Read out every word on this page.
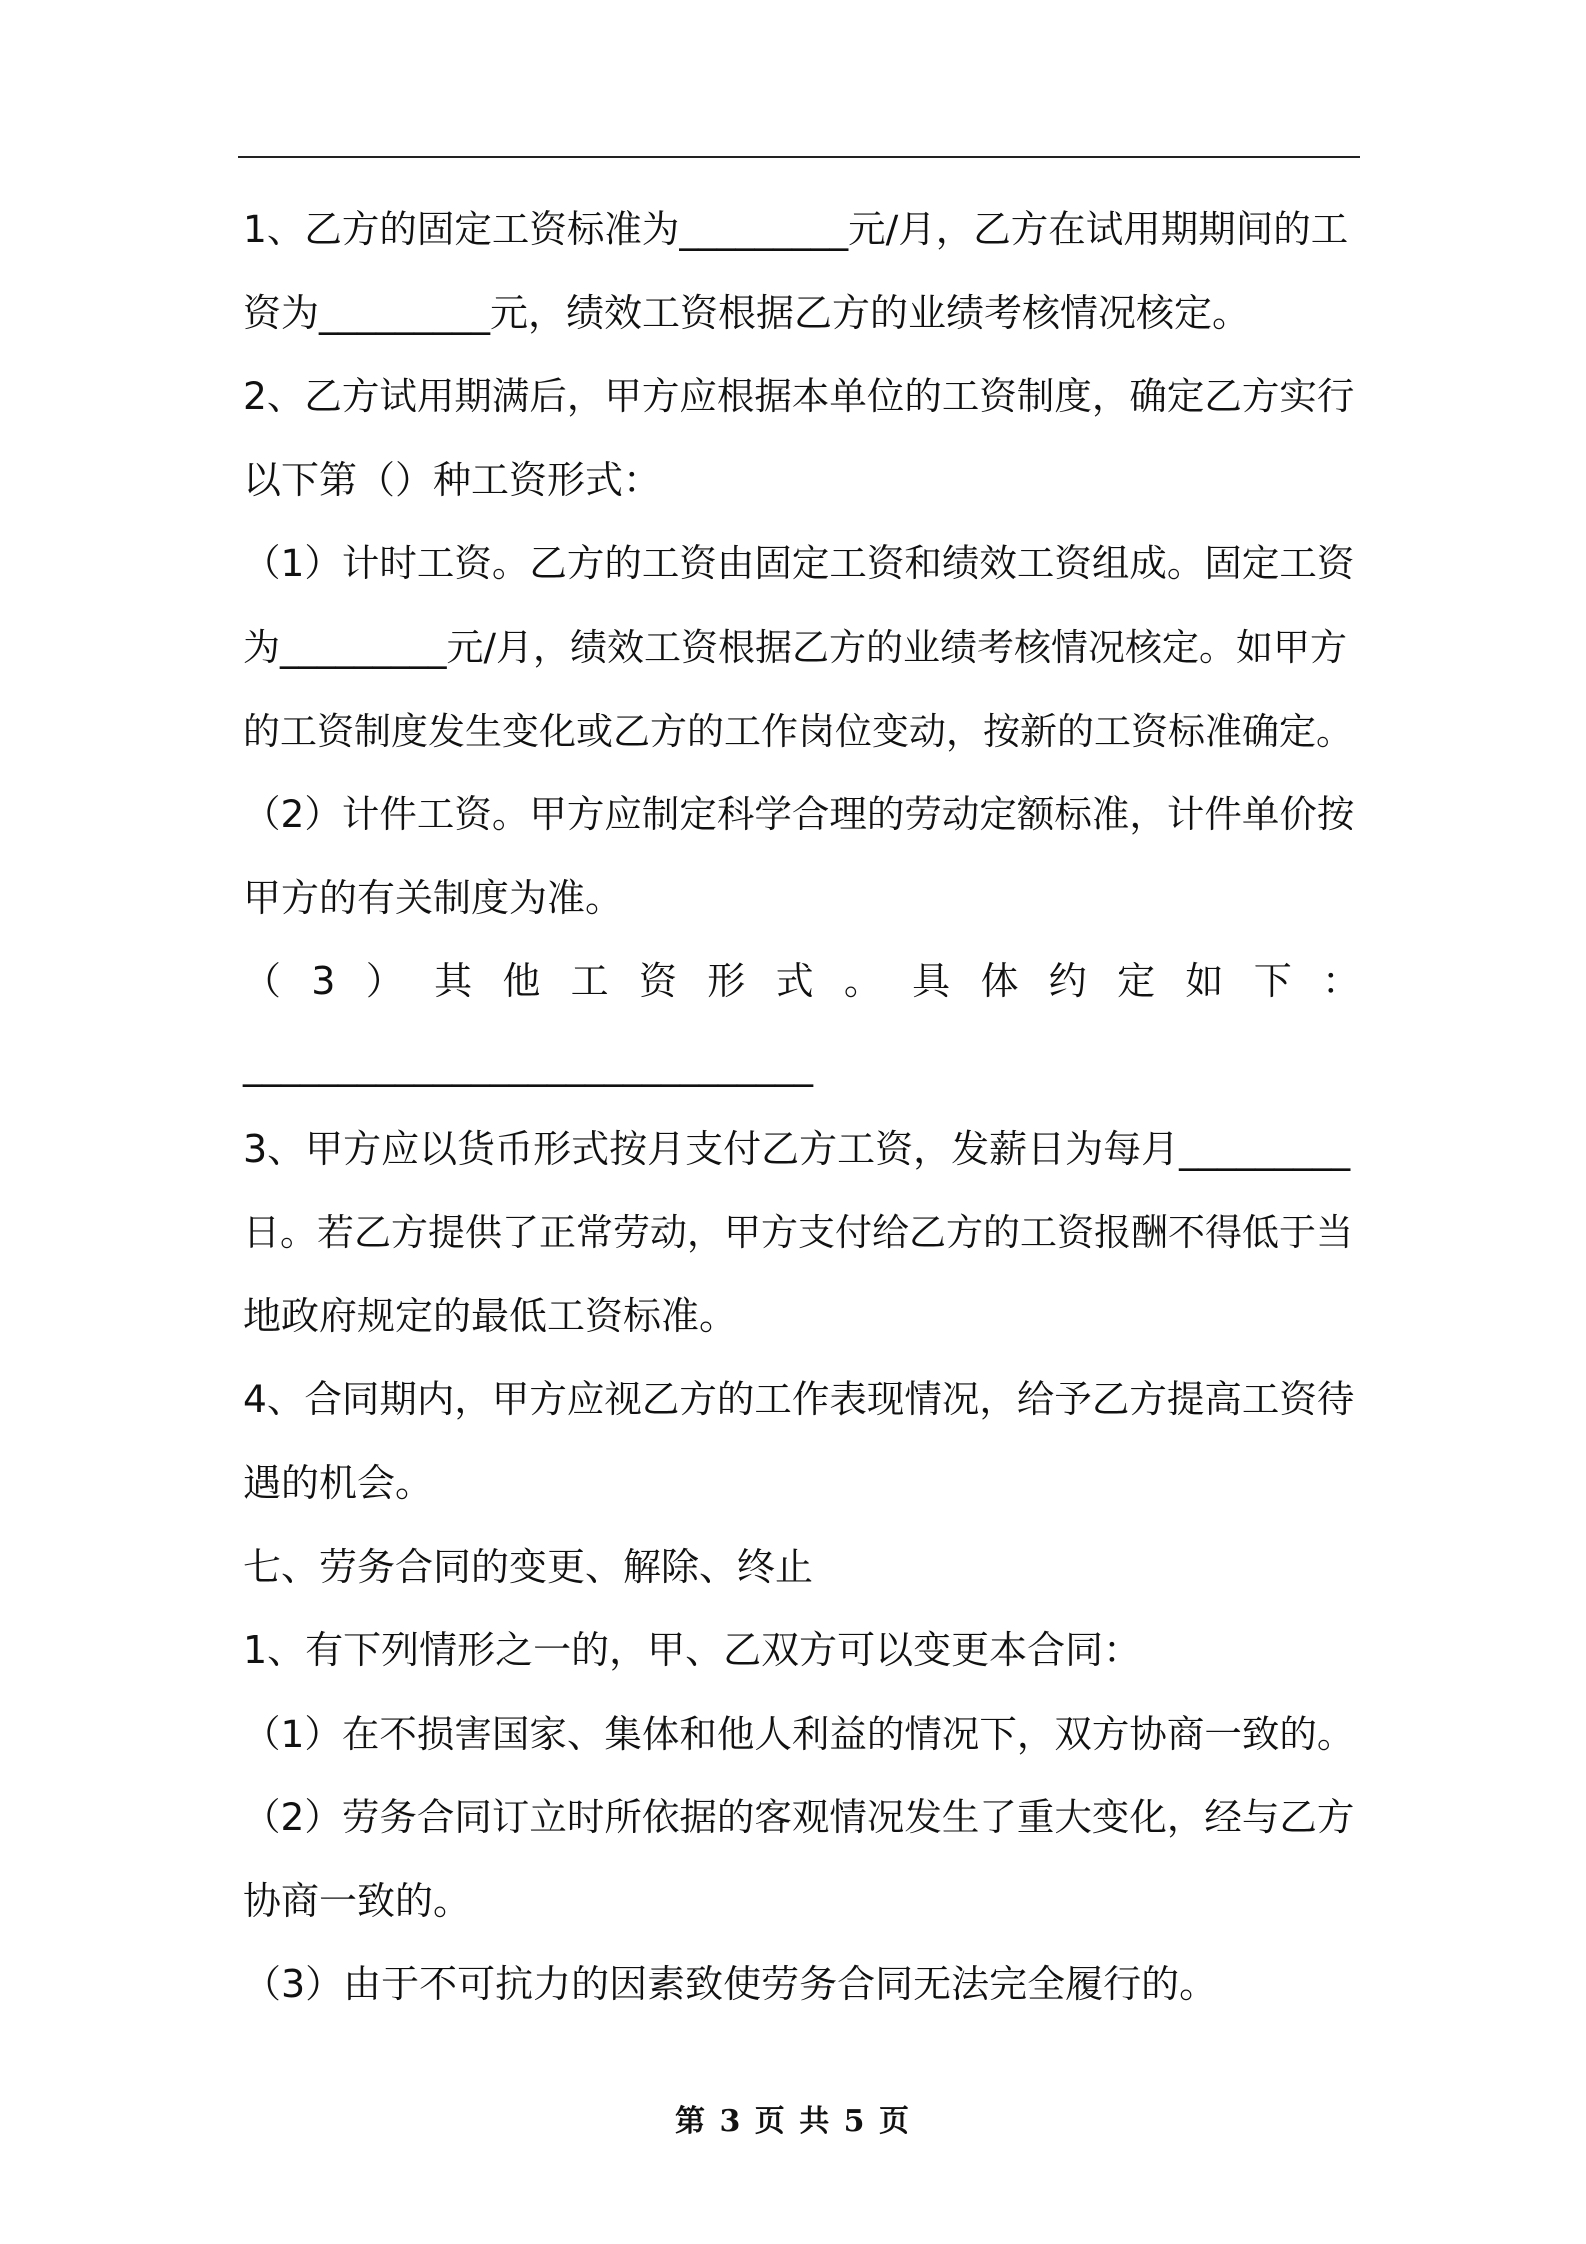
1、乙方的固定工资标准为_________元/月，乙方在试用期期间的工
资为_________元，绩效工资根据乙方的业绩考核情况核定。
2、乙方试用期满后，甲方应根据本单位的工资制度，确定乙方实行
以下第（）种工资形式：
（1）计时工资。乙方的工资由固定工资和绩效工资组成。固定工资
为_________元/月，绩效工资根据乙方的业绩考核情况核定。如甲方
的工资制度发生变化或乙方的工作岗位变动，按新的工资标准确定。
（2）计件工资。甲方应制定科学合理的劳动定额标准，计件单价按
甲方的有关制度为准。
（3）其他工资形式。具体约定如下：
______________________________
3、甲方应以货币形式按月支付乙方工资，发薪日为每月_________
日。若乙方提供了正常劳动，甲方支付给乙方的工资报酬不得低于当
地政府规定的最低工资标准。
4、合同期内，甲方应视乙方的工作表现情况，给予乙方提高工资待
遇的机会。
七、劳务合同的变更、解除、终止
1、有下列情形之一的，甲、乙双方可以变更本合同：
（1）在不损害国家、集体和他人利益的情况下，双方协商一致的。
（2）劳务合同订立时所依据的客观情况发生了重大变化，经与乙方
协商一致的。
（3）由于不可抗力的因素致使劳务合同无法完全履行的。
第 3 页 共 5 页
